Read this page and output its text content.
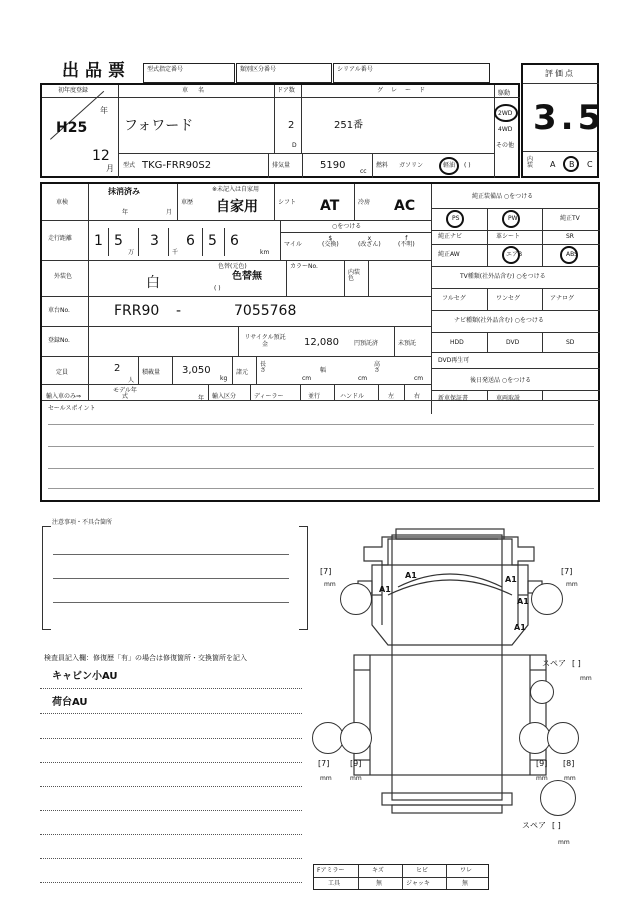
出品票	型式指定番号	類別区分番号	シリアル番号	評価点
3.5
内装	A B C
初年度登録
年
H25
12
月
車名
フォワード
ドア数
2
D
グレード
251番
駆動
2WD
4WD
その他
型式 TKG-FRR90S2	排気量	5190
cc
燃料 ガソリン	軽油 ( )
車検
抹消済み
年	月
車歴
※未記入は自家用
自家用	シフト AT	冷房 AC
走行距離 1 5
万
3
千
6 5 6
km
○をつける
マイル
$
(交換)
x
(改ざん)
f
(不明)
外装色	白
色替(元色)
色替無
( )
カラーNo.
内装色
車台No.	FRR90 -	7055768
登録No.	リサイクル預託金	12,080	円預託済	未預託
定員	2
人
積載量 3,050
kg
諸元
長さ
cm
幅
cm
高さ
cm
輸入車のみ⇒
モデル年式	年 輸入区分	ディーラー	並行	ハンドル	左	右
純正装備品 ○をつける
PS	PW	純正TV
純正ナビ	革シート	SR
純正AW	エアB	ABS
TV種類(社外品含む) ○をつける
フルセグ	ワンセグ	アナログ
ナビ種類(社外品含む) ○をつける
HDD	DVD	SD
DVD再生可
後日発送品 ○をつける
新車保証書	車両取説
セールスポイント
注意事項・不具合箇所
検査員記入欄：修復歴「有」の場合は修復箇所・交換箇所を記入
キャビン小AU
荷台AU
A1
A1	A1
A1
A1
[7]
mm
[7]
mm
[7]
mm
[9]
mm
[9]
mm
[8]
mm
スペア [ ]
mm
スペア [ ]
mm
Fアミラー	キズ	ヒビ	ワレ
工具	無	ジャッキ	無
